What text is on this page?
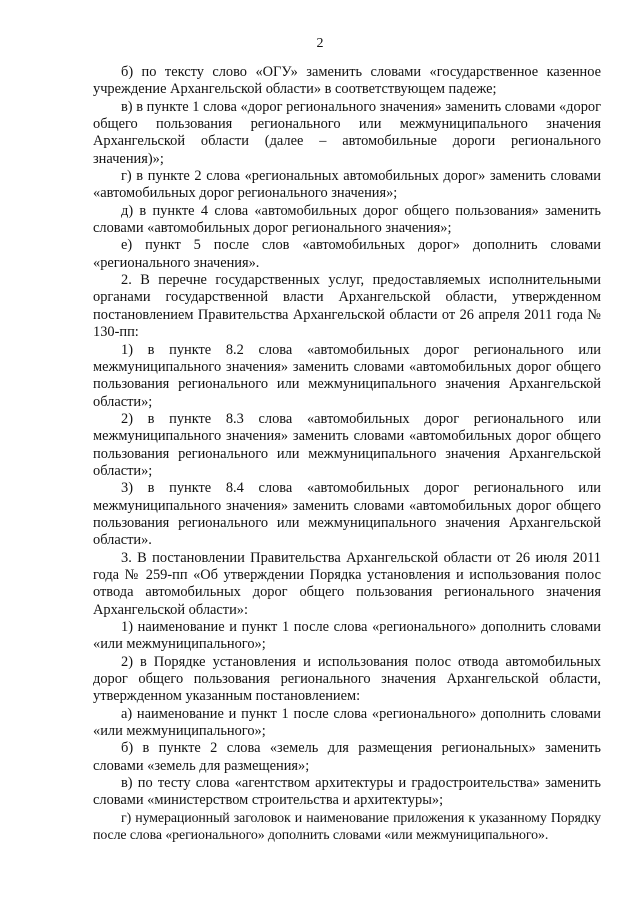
2

б) по тексту слово «ОГУ» заменить словами «государственное казенное учреждение Архангельской области» в соответствующем падеже;

в) в пункте 1 слова «дорог регионального значения» заменить словами «дорог общего пользования регионального или межмуниципального значения Архангельской области (далее – автомобильные дороги регионального значения)»;

г) в пункте 2 слова «региональных автомобильных дорог» заменить словами «автомобильных дорог регионального значения»;

д) в пункте 4 слова «автомобильных дорог общего пользования» заменить словами «автомобильных дорог регионального значения»;

е) пункт 5 после слов «автомобильных дорог» дополнить словами «регионального значения».

2. В перечне государственных услуг, предоставляемых исполнительными органами государственной власти Архангельской области, утвержденном постановлением Правительства Архангельской области от 26 апреля 2011 года № 130-пп:

1) в пункте 8.2 слова «автомобильных дорог регионального или межмуниципального значения» заменить словами «автомобильных дорог общего пользования регионального или межмуниципального значения Архангельской области»;

2) в пункте 8.3 слова «автомобильных дорог регионального или межмуниципального значения» заменить словами «автомобильных дорог общего пользования регионального или межмуниципального значения Архангельской области»;

3) в пункте 8.4 слова «автомобильных дорог регионального или межмуниципального значения» заменить словами «автомобильных дорог общего пользования регионального или межмуниципального значения Архангельской области».

3. В постановлении Правительства Архангельской области от 26 июля 2011 года № 259-пп «Об утверждении Порядка установления и использования полос отвода автомобильных дорог общего пользования регионального значения Архангельской области»:

1) наименование и пункт 1 после слова «регионального» дополнить словами «или межмуниципального»;

2) в Порядке установления и использования полос отвода автомобильных дорог общего пользования регионального значения Архангельской области, утвержденном указанным постановлением:

а) наименование и пункт 1 после слова «регионального» дополнить словами «или межмуниципального»;

б) в пункте 2 слова «земель для размещения региональных» заменить словами «земель для размещения»;

в) по тесту слова «агентством архитектуры и градостроительства» заменить словами «министерством строительства и архитектуры»;

г) нумерационный заголовок и наименование приложения к указанному Порядку после слова «регионального» дополнить словами «или межмуниципального».
